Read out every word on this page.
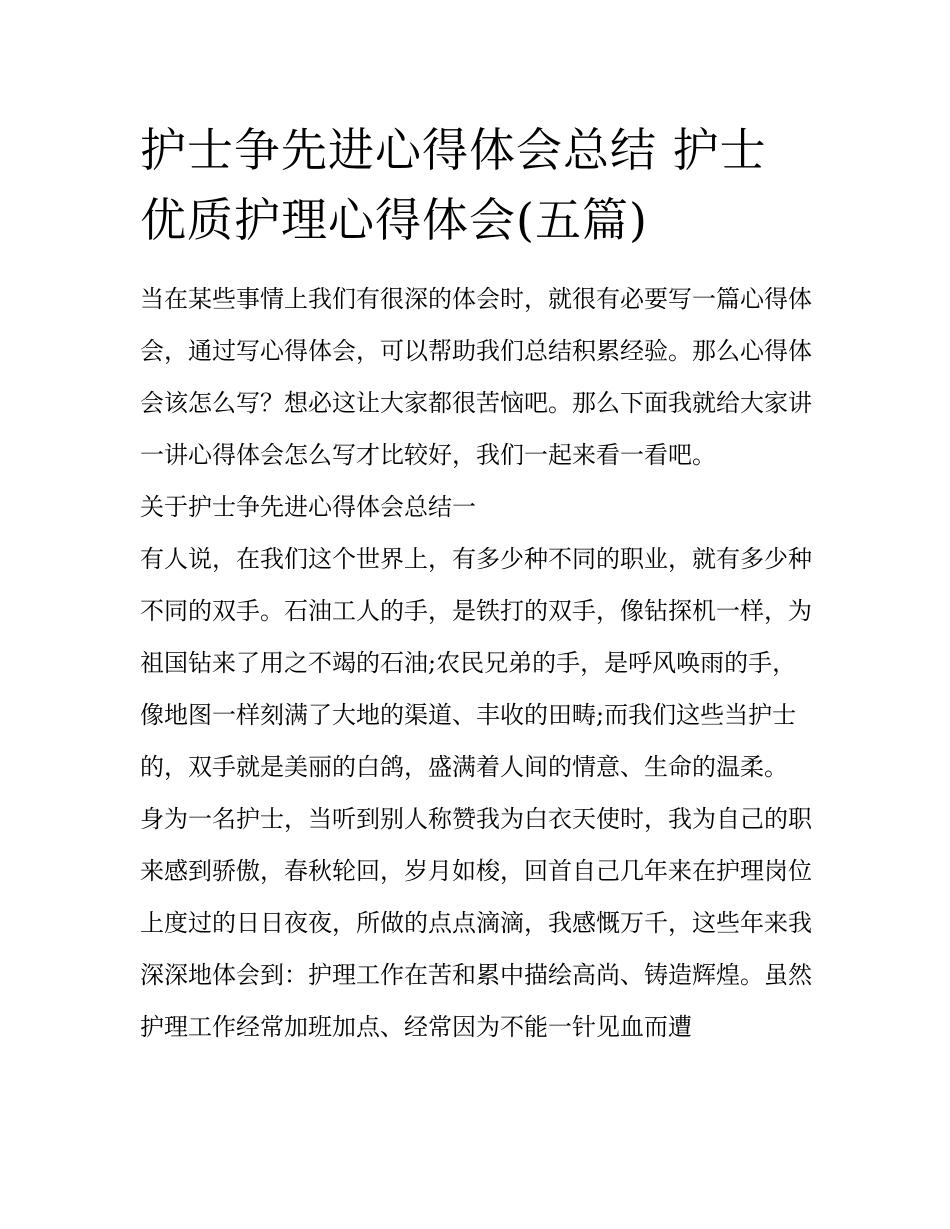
护士争先进心得体会总结 护士优质护理心得体会(五篇)

当在某些事情上我们有很深的体会时，就很有必要写一篇心得体会，通过写心得体会，可以帮助我们总结积累经验。那么心得体会该怎么写？想必这让大家都很苦恼吧。那么下面我就给大家讲一讲心得体会怎么写才比较好，我们一起来看一看吧。

关于护士争先进心得体会总结一

有人说，在我们这个世界上，有多少种不同的职业，就有多少种不同的双手。石油工人的手，是铁打的双手，像钻探机一样，为祖国钻来了用之不竭的石油;农民兄弟的手，是呼风唤雨的手，像地图一样刻满了大地的渠道、丰收的田畴;而我们这些当护士的，双手就是美丽的白鸽，盛满着人间的情意、生命的温柔。

身为一名护士，当听到别人称赞我为白衣天使时，我为自己的职来感到骄傲，春秋轮回，岁月如梭，回首自己几年来在护理岗位上度过的日日夜夜，所做的点点滴滴，我感慨万千，这些年来我深深地体会到：护理工作在苦和累中描绘高尚、铸造辉煌。虽然护理工作经常加班加点、经常因为不能一针见血而遭
